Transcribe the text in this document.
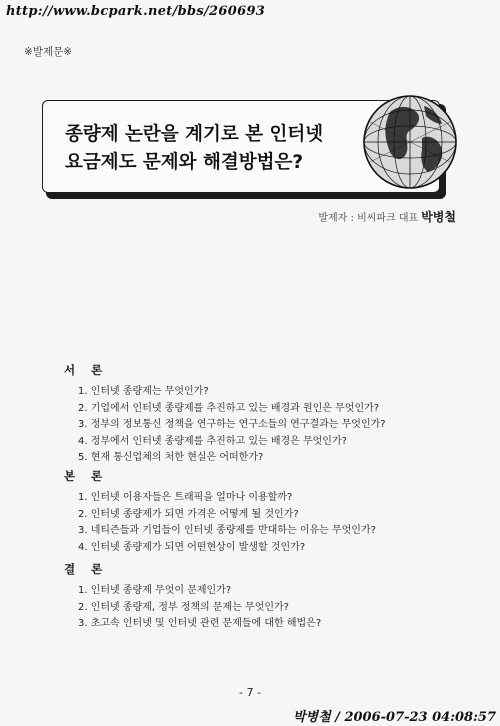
http://www.bcpark.net/bbs/260693
※발제문※
종량제 논란을 계기로 본 인터넷
요금제도 문제와 해결방법은?
발제자 : 비씨파크 대표 박병철
서론
1. 인터넷 종량제는 무엇인가?
2. 기업에서 인터넷 종량제를 추진하고 있는 배경과 원인은 무엇인가?
3. 정부의 정보통신 정책을 연구하는 연구소들의 연구결과는 무엇인가?
4. 정부에서 인터넷 종량제를 추진하고 있는 배경은 무엇인가?
5. 현재 통신업체의 처한 현실은 어떠한가?
본론
1. 인터넷 이용자들은 트래픽을 얼마나 이용할까?
2. 인터넷 종량제가 되면 가격은 어떻게 될 것인가?
3. 네티즌들과 기업들이 인터넷 종량제를 반대하는 이유는 무엇인가?
4. 인터넷 종량제가 되면 어떤현상이 발생할 것인가?
결론
1. 인터넷 종량제 무엇이 문제인가?
2. 인터넷 종량제, 정부 정책의 문제는 무엇인가?
3. 초고속 인터넷 및 인터넷 관련 문제들에 대한 해법은?
- 7 -
박병철 / 2006-07-23 04:08:57
